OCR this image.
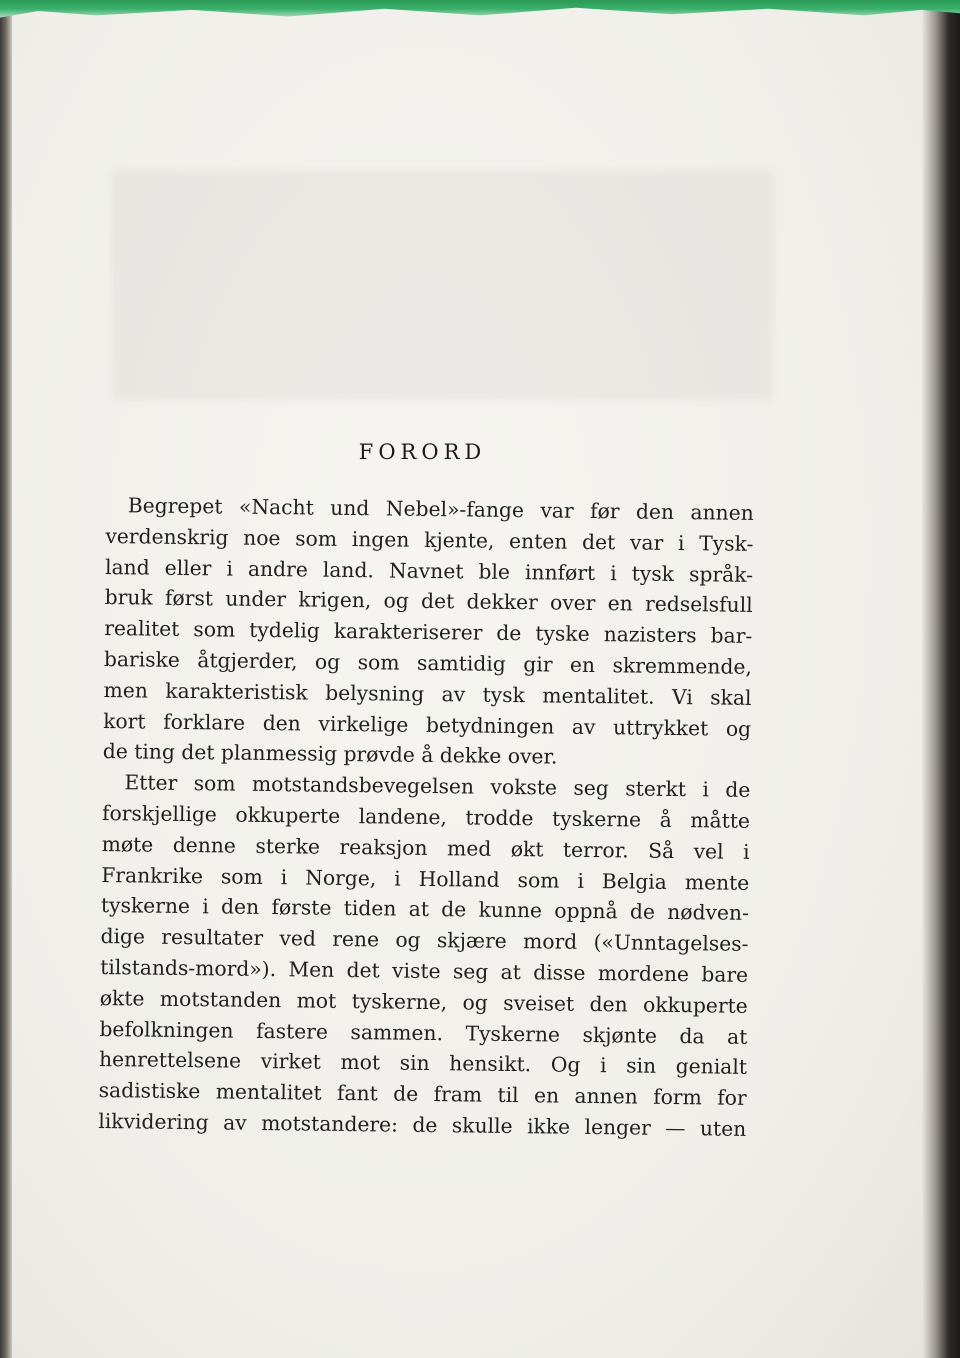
FORORD
Begrepet «Nacht und Nebel»-fange var før den annen
verdenskrig noe som ingen kjente, enten det var i Tysk-
land eller i andre land. Navnet ble innført i tysk språk-
bruk først under krigen, og det dekker over en redselsfull
realitet som tydelig karakteriserer de tyske nazisters bar-
bariske åtgjerder, og som samtidig gir en skremmende,
men karakteristisk belysning av tysk mentalitet. Vi skal
kort forklare den virkelige betydningen av uttrykket og
de ting det planmessig prøvde å dekke over.
Etter som motstandsbevegelsen vokste seg sterkt i de
forskjellige okkuperte landene, trodde tyskerne å måtte
møte denne sterke reaksjon med økt terror. Så vel i
Frankrike som i Norge, i Holland som i Belgia mente
tyskerne i den første tiden at de kunne oppnå de nødven-
dige resultater ved rene og skjære mord («Unntagelses-
tilstands-mord»). Men det viste seg at disse mordene bare
økte motstanden mot tyskerne, og sveiset den okkuperte
befolkningen fastere sammen. Tyskerne skjønte da at
henrettelsene virket mot sin hensikt. Og i sin genialt
sadistiske mentalitet fant de fram til en annen form for
likvidering av motstandere: de skulle ikke lenger — uten
